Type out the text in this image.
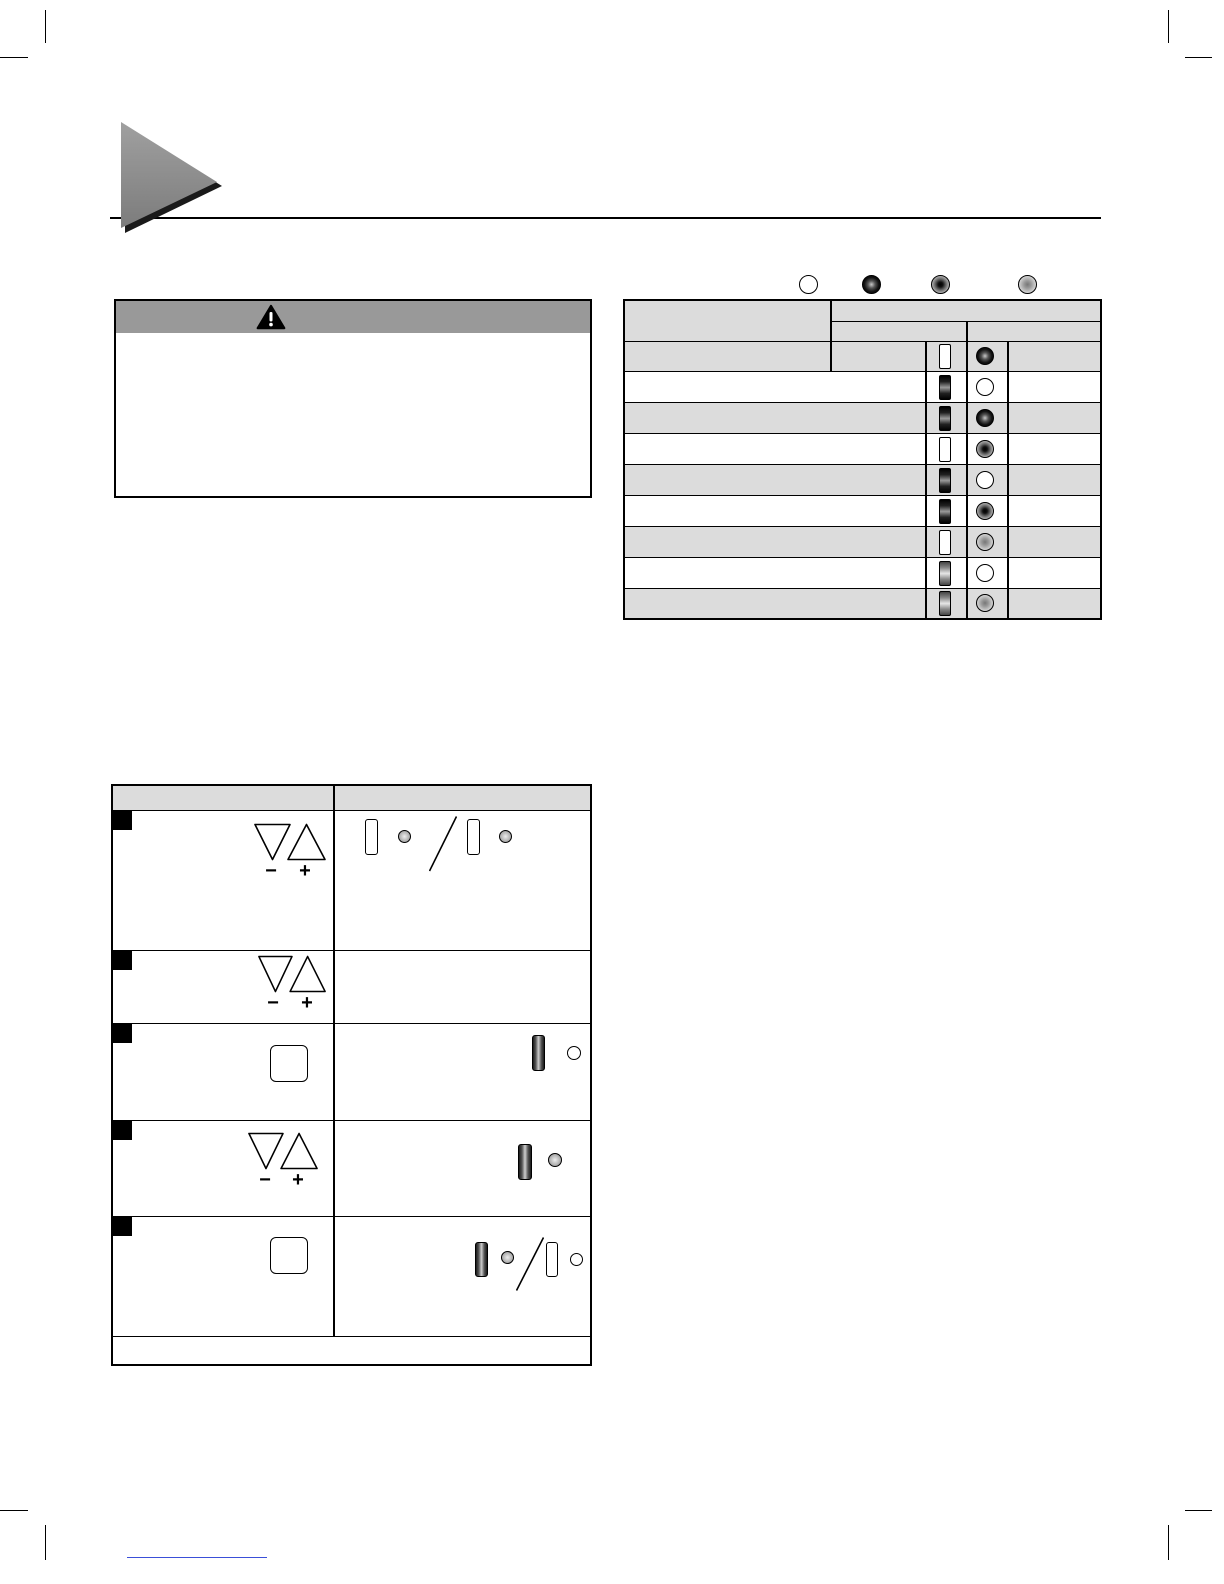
− +
− +
− +
